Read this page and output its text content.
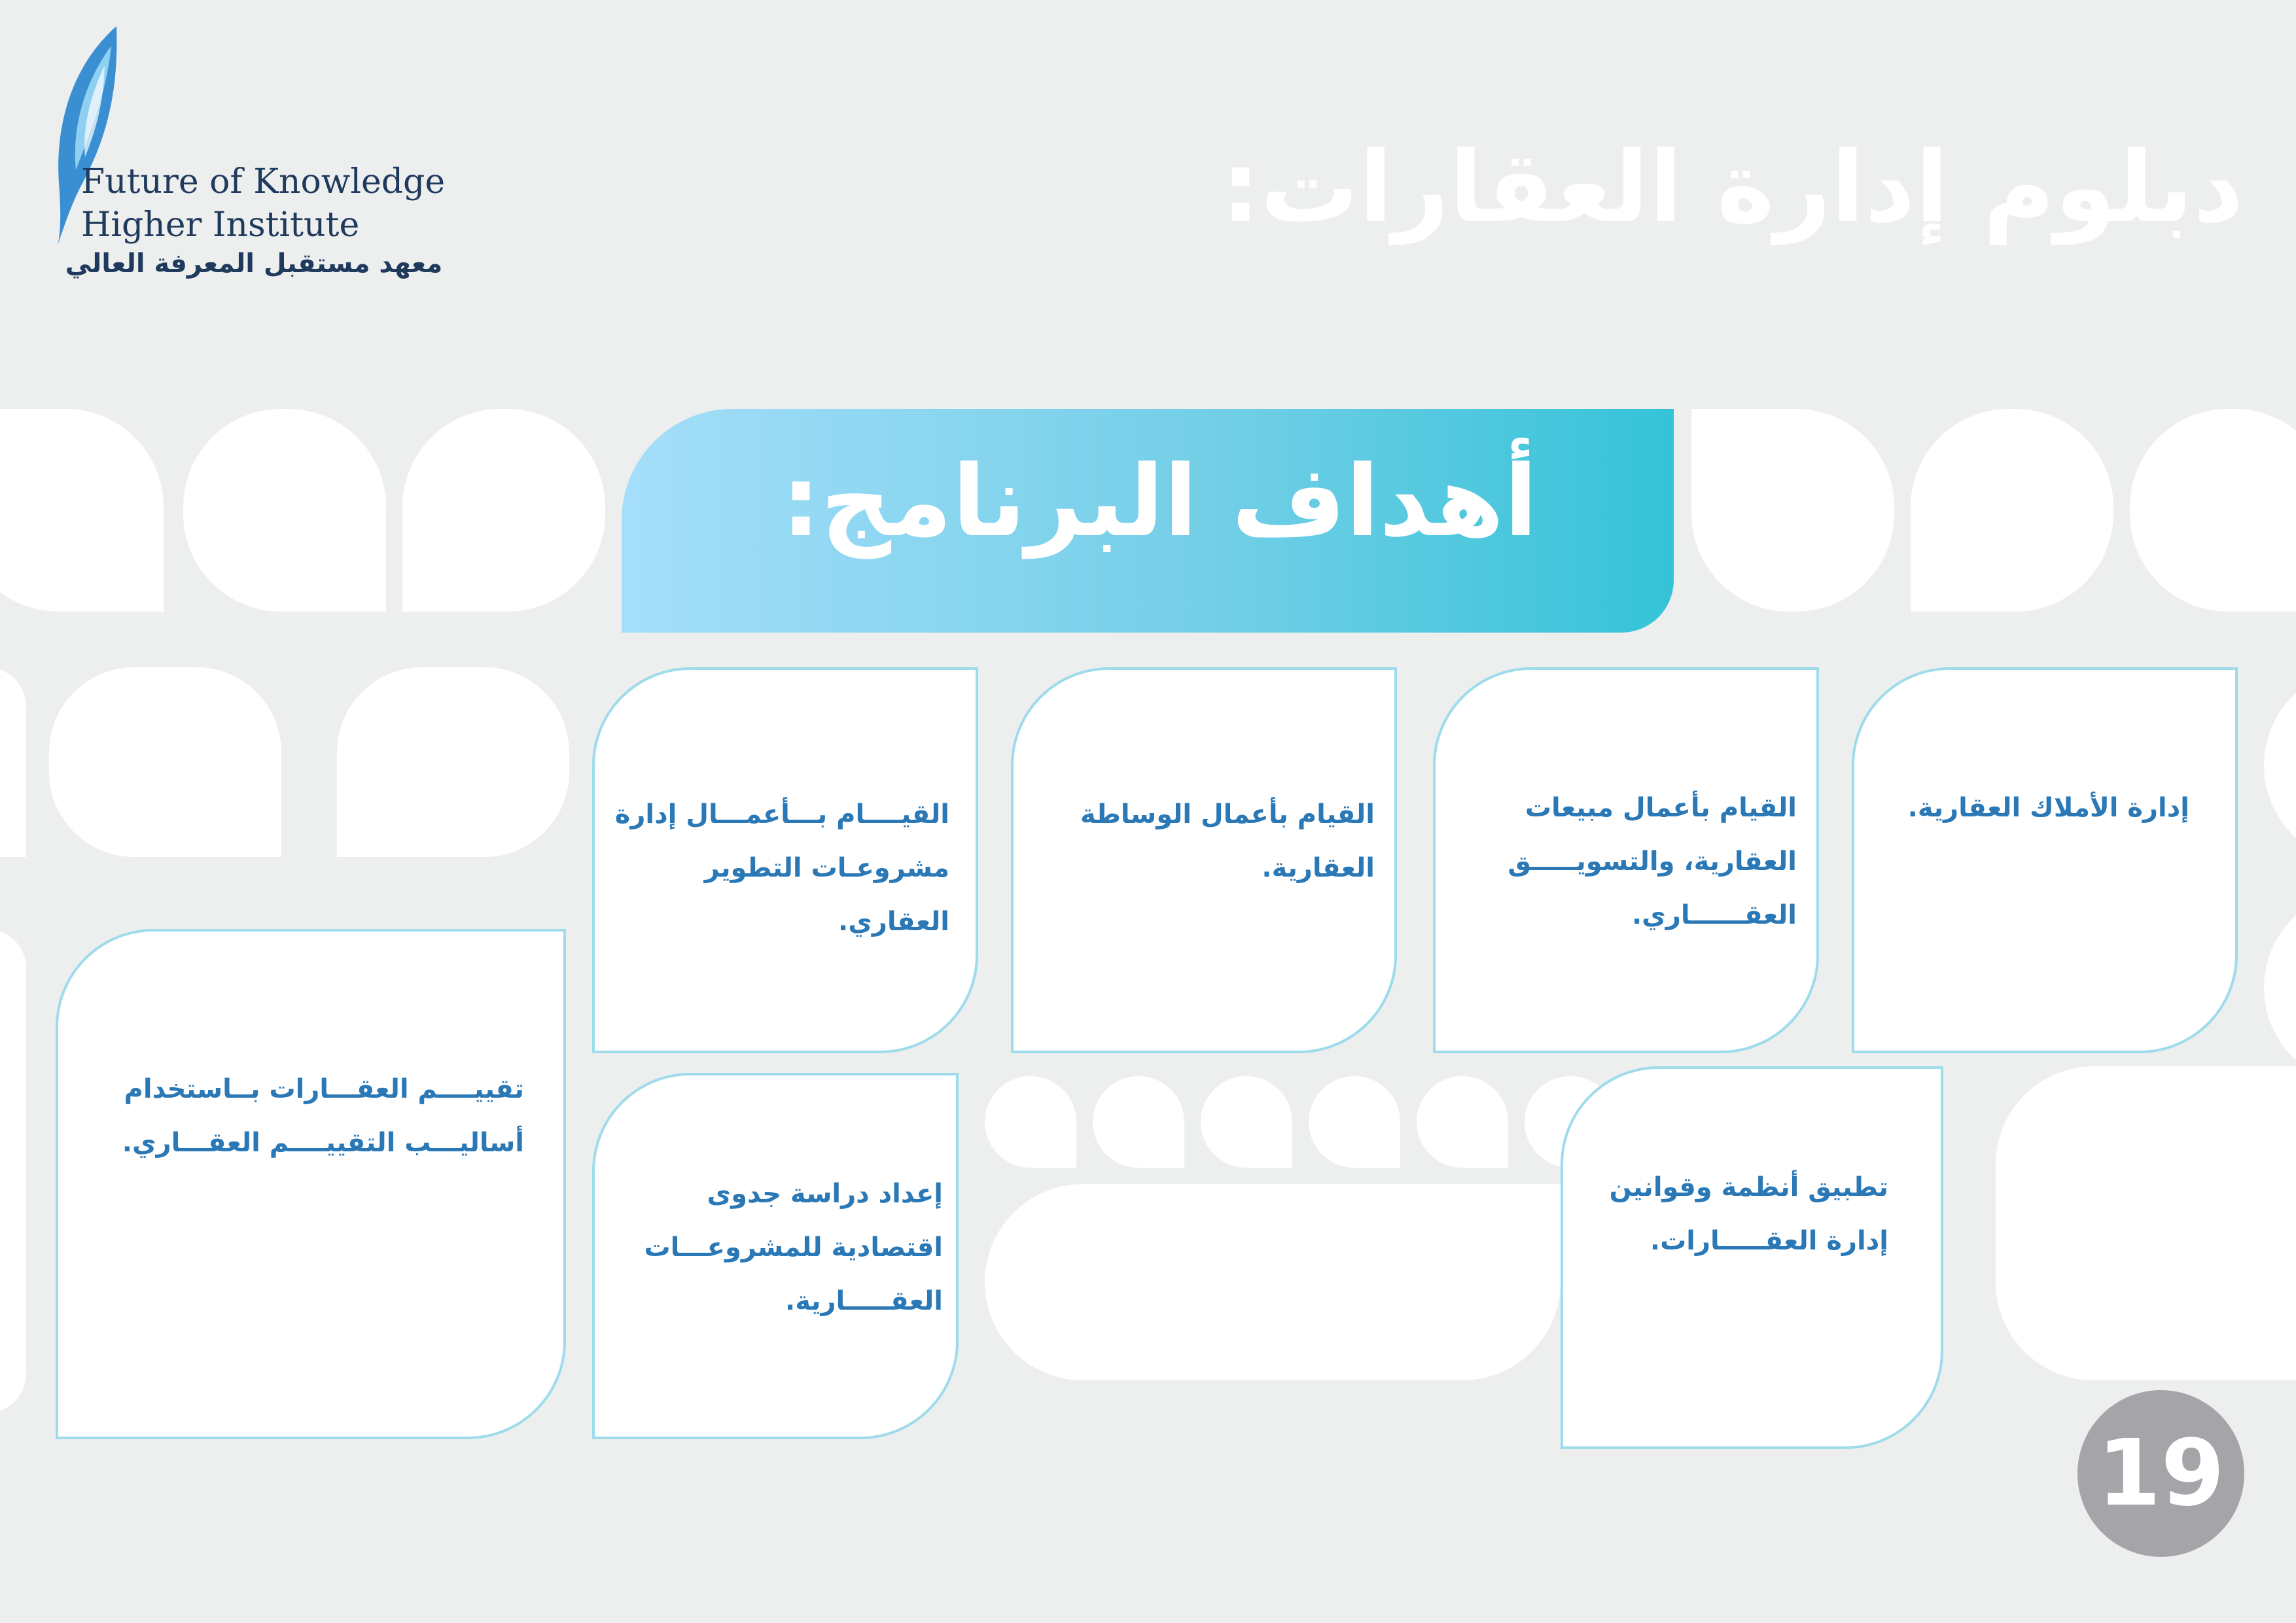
Future of Knowledge
Higher Institute

معهد مستقبل المعرفة العالي
دبلوم إدارة العقارات:
أهداف البرنامج:

إدارة الأملاك العقارية.

القيام بأعمال مبيعات العقارية، والتسويـــــق العقــــــاري.

القيام بأعمال الوساطة العقارية.

القيــــام بـــأعمـــال إدارة مشروعـات التطوير العقاري.

تقييــــم العقـــارات بــاستخدام أساليـــب التقييــــم العقـــاري.

إعداد دراسة جدوى اقتصادية للمشروعـــات العقـــــارية.

تطبيق أنظمة وقوانين إدارة العقـــــارات.

19
